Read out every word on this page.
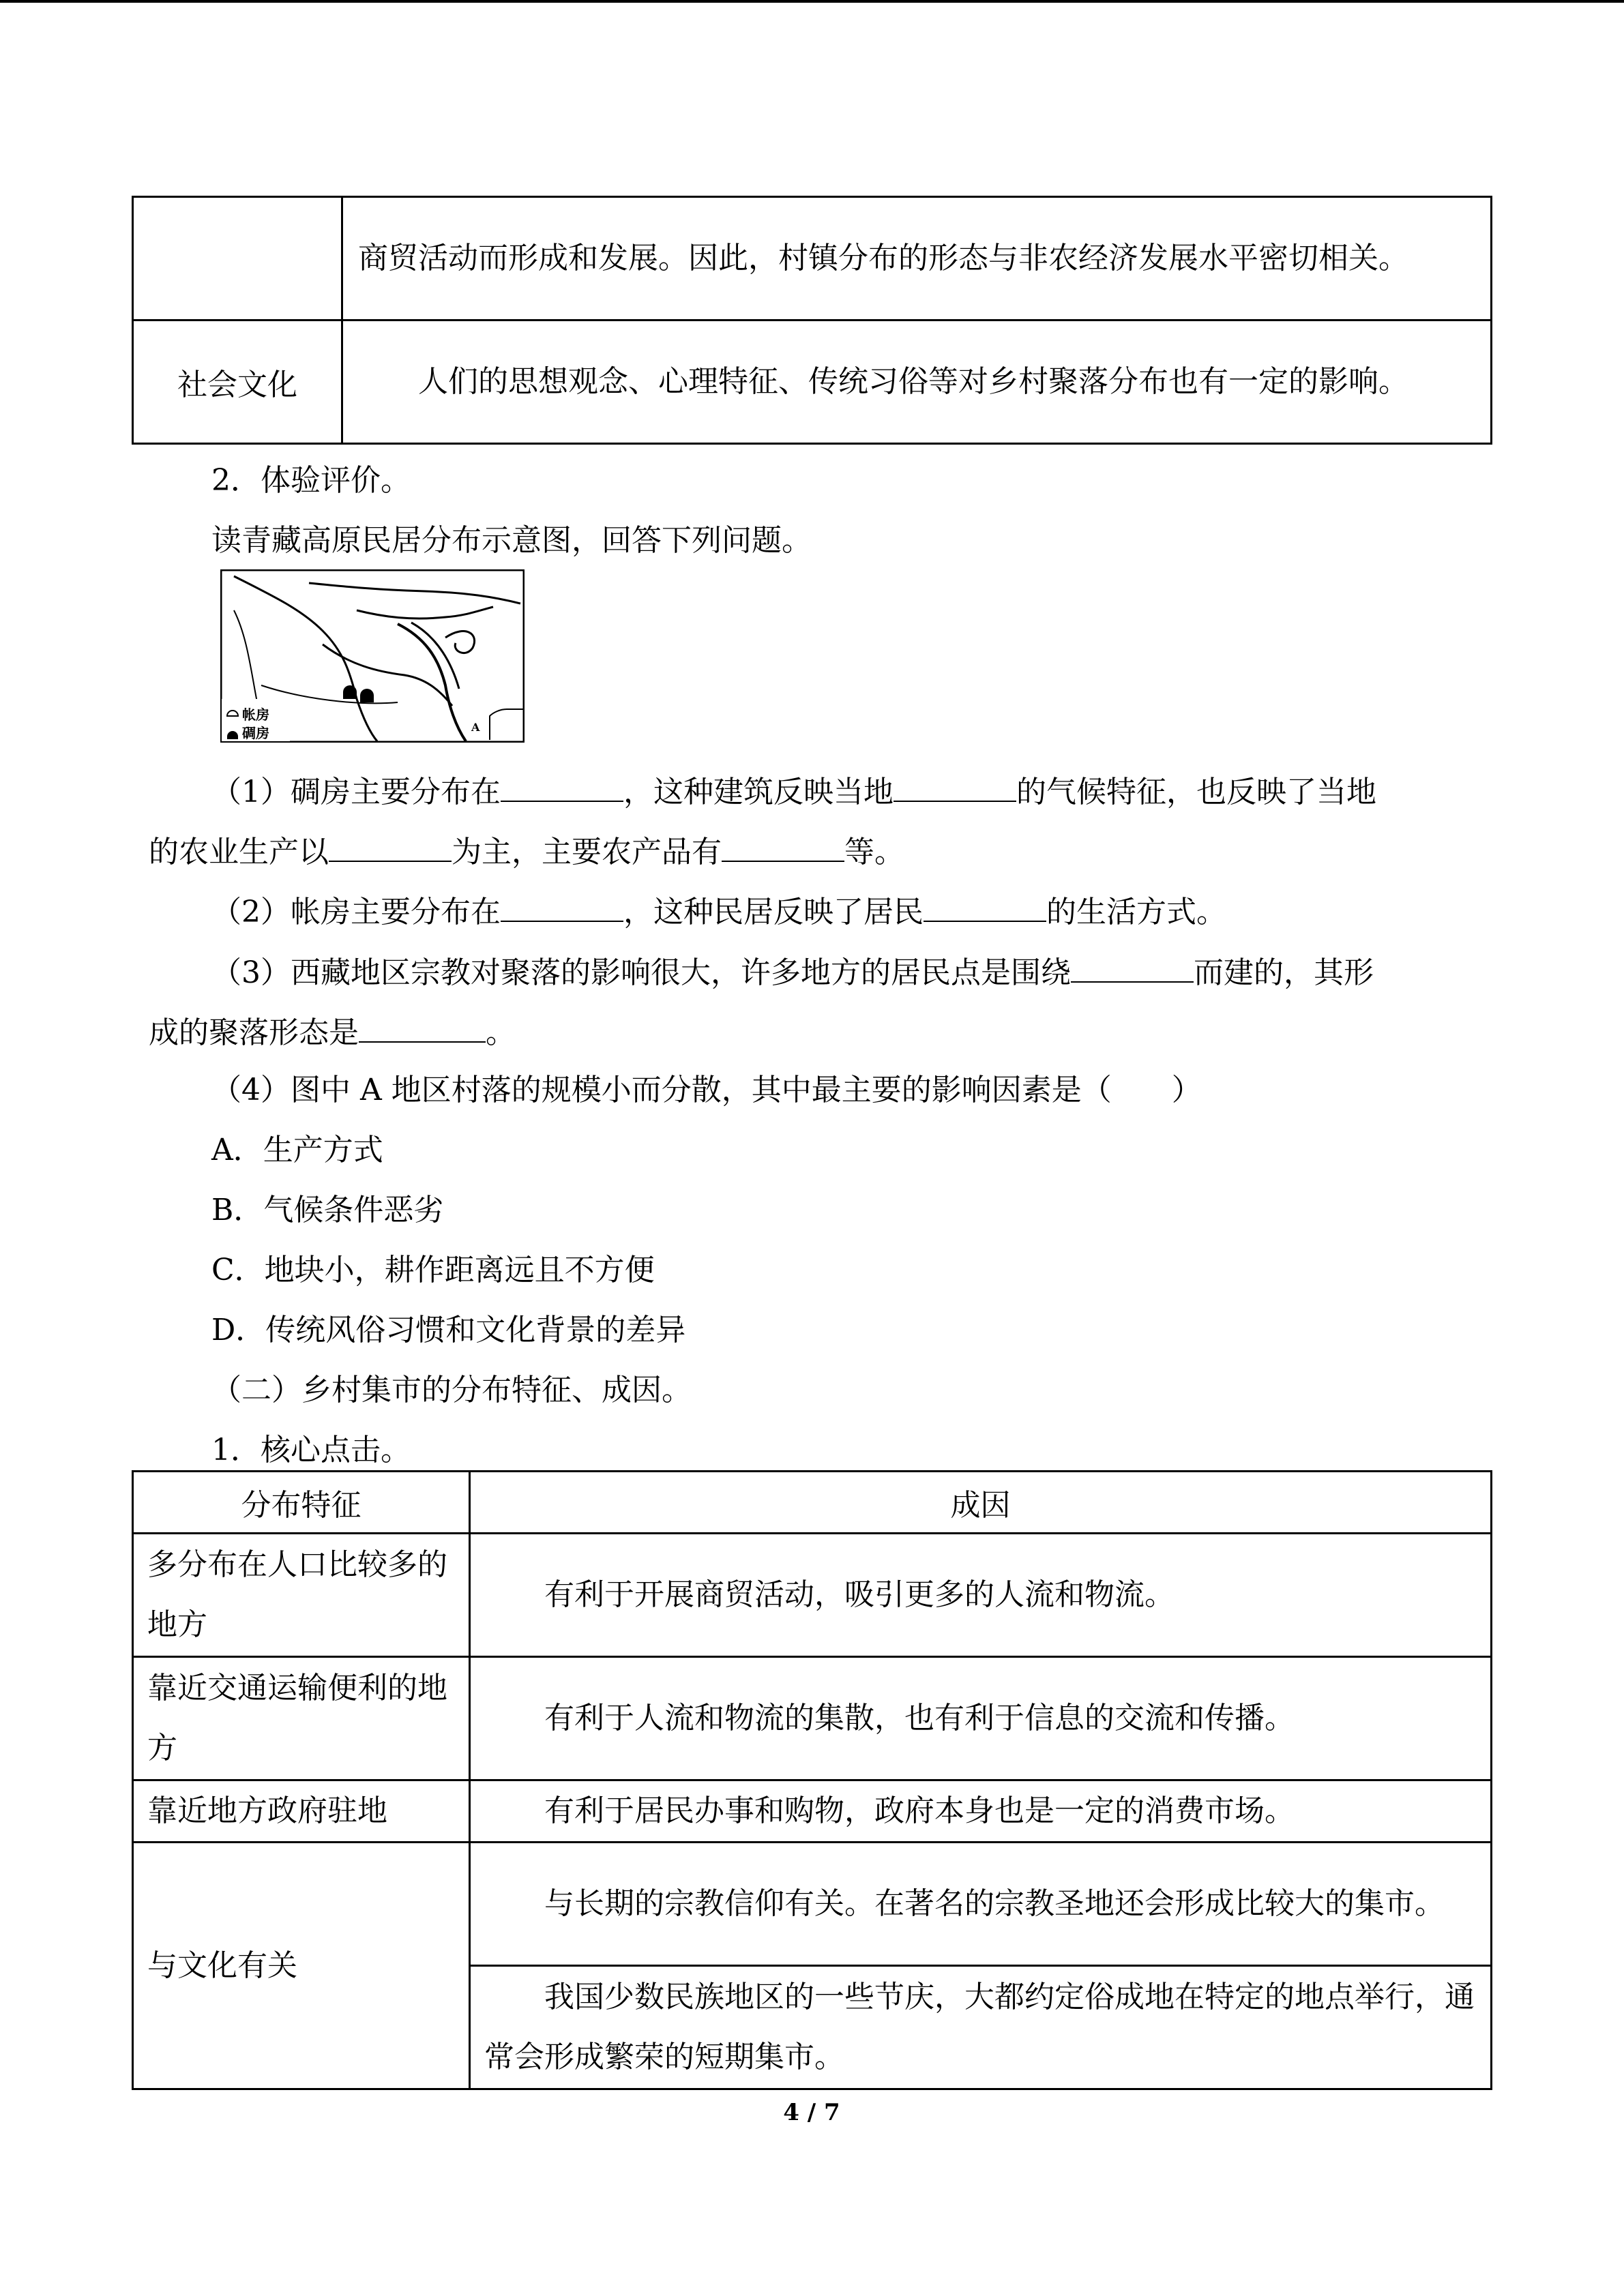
	商贸活动而形成和发展。因此，村镇分布的形态与非农经济发展水平密切相关。

社会文化	人们的思想观念、心理特征、传统习俗等对乡村聚落分布也有一定的影响。
2．体验评价。
读青藏高原民居分布示意图，回答下列问题。
帐房
碉房	A
（1）碉房主要分布在	，这种建筑反映当地	的气候特征，也反映了当地
的农业生产以	为主，主要农产品有	等。
（2）帐房主要分布在	，这种民居反映了居民	的生活方式。
（3）西藏地区宗教对聚落的影响很大，许多地方的居民点是围绕	而建的，其形
成的聚落形态是	。
（4）图中 A 地区村落的规模小而分散，其中最主要的影响因素是（　　）
A．生产方式
B．气候条件恶劣
C．地块小，耕作距离远且不方便
D．传统风俗习惯和文化背景的差异
（二）乡村集市的分布特征、成因。
1．核心点击。
分布特征	成因
多分布在人口比较多的地方	有利于开展商贸活动，吸引更多的人流和物流。
靠近交通运输便利的地方	有利于人流和物流的集散，也有利于信息的交流和传播。
靠近地方政府驻地	有利于居民办事和购物，政府本身也是一定的消费市场。
与文化有关	与长期的宗教信仰有关。在著名的宗教圣地还会形成比较大的集市。
	我国少数民族地区的一些节庆，大都约定俗成地在特定的地点举行，通常会形成繁荣的短期集市。
4 / 7
